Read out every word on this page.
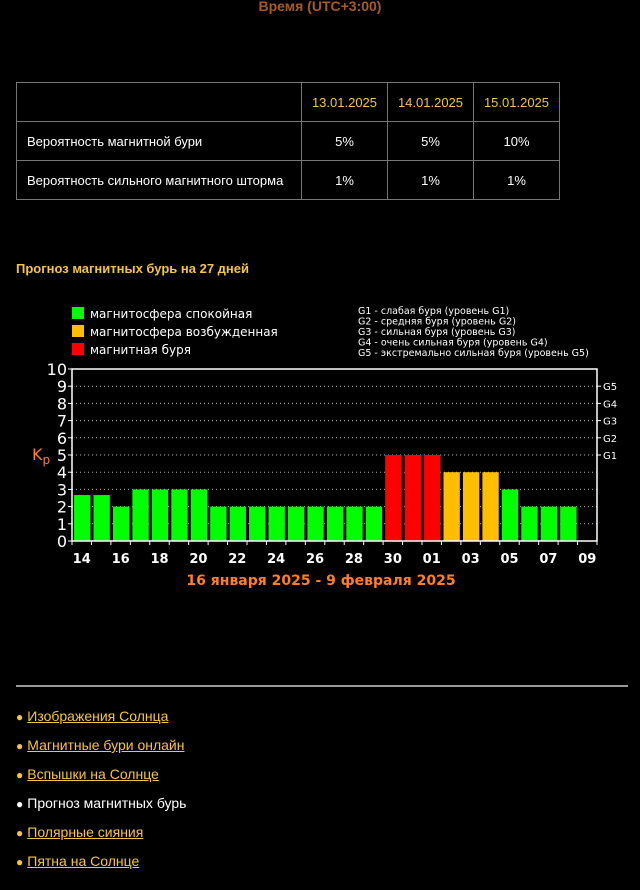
Время (UTC+3:00)
	13.01.2025	14.01.2025	15.01.2025
Вероятность магнитной бури	5%	5%	10%
Вероятность сильного магнитного шторма	1%	1%	1%
Прогноз магнитных бурь на 27 дней
магнитосфера спокойная
магнитосфера возбужденная
магнитная буря
G1 - слабая буря (уровень G1)
G2 - средняя буря (уровень G2)
G3 - сильная буря (уровень G3)
G4 - очень сильная буря (уровень G4)
G5 - экстремально сильная буря (уровень G5)
0
1
2
3
4
5
6
7
8
9
10
G1
G2
G3
G4
G5
14 16 18 20 22 24 26 28 30 01 03 05 07 09
$K_p$
16 января 2025 - 9 февраля 2025
● Изображения Солнца
● Магнитные бури онлайн
● Вспышки на Солнце
● Прогноз магнитных бурь
● Полярные сияния
● Пятна на Солнце
